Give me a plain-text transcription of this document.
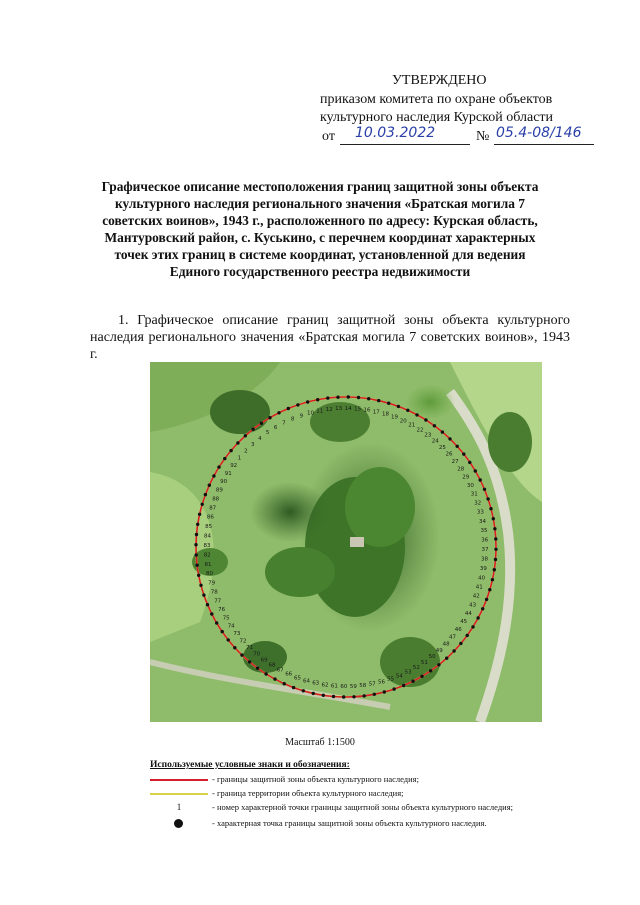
УТВЕРЖДЕНО
приказом комитета по охране объектов
культурного наследия Курской области
от 10.03.2022	№ 05.4-08/146
Графическое описание местоположения границ защитной зоны объекта культурного наследия регионального значения «Братская могила 7 советских воинов», 1943 г., расположенного по адресу: Курская область, Мантуровский район, с. Куськино, с перечнем координат характерных точек этих границ в системе координат, установленной для ведения Единого государственного реестра недвижимости
1. Графическое описание границ защитной зоны объекта культурного наследия регионального значения «Братская могила 7 советских воинов», 1943 г.
1
2
3
4
5
6
7
8
9 10 11 12 13 14 15 16 17 18 19
20
21
22
23
24
25
26
27
28
29
30
31
32
33
34
35
36
37
38
39
40
41
42
43
44
45
46
47
48
49
50
51
52
53
54
55
56
57
58
59
60
61
62
63
64
65
66
67
68
69
70
71
72
73
74
75
76
77
78
79
80
81
82
83
84
85
86
87
88
89
90
91
92
Масштаб 1:1500
Используемые условные знаки и обозначения:
- границы защитной зоны объекта культурного наследия;
- граница территории объекта культурного наследия;
1	- номер характерной точки границы защитной зоны объекта культурного наследия;
- характерная точка границы защитной зоны объекта культурного наследия.
